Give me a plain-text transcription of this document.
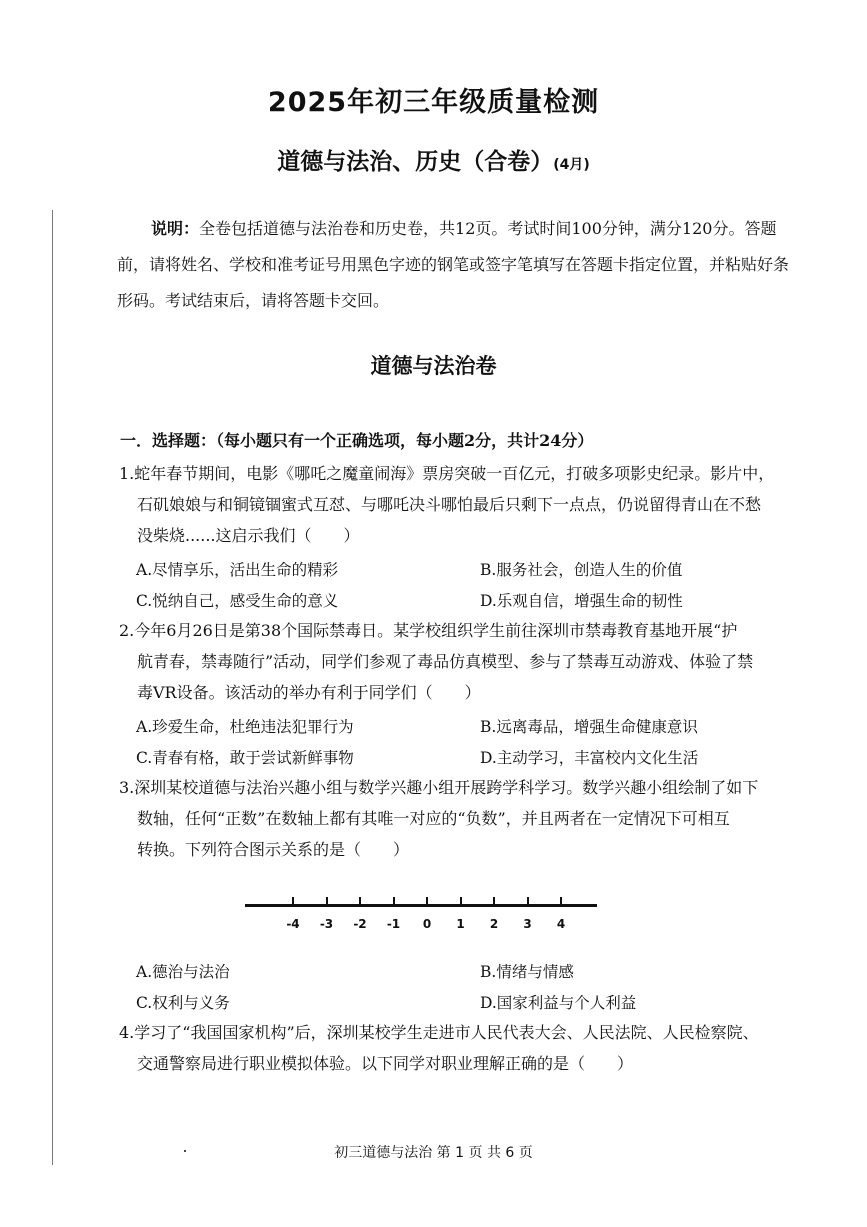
2025年初三年级质量检测
道德与法治、历史（合卷）(4月)
说明：全卷包括道德与法治卷和历史卷，共12页。考试时间100分钟，满分120分。答题前，请将姓名、学校和准考证号用黑色字迹的钢笔或签字笔填写在答题卡指定位置，并粘贴好条形码。考试结束后，请将答题卡交回。
道德与法治卷
一．选择题：（每小题只有一个正确选项，每小题2分，共计24分）
1.蛇年春节期间，电影《哪吒之魔童闹海》票房突破一百亿元，打破多项影史纪录。影片中，
石矶娘娘与和铜镜锢蜜式互怼、与哪吒决斗哪怕最后只剩下一点点，仍说留得青山在不愁
没柴烧......这启示我们（　　）
A.尽情享乐，活出生命的精彩	B.服务社会，创造人生的价值
C.悦纳自己，感受生命的意义	D.乐观自信，增强生命的韧性
2.今年6月26日是第38个国际禁毒日。某学校组织学生前往深圳市禁毒教育基地开展“护
航青春，禁毒随行”活动，同学们参观了毒品仿真模型、参与了禁毒互动游戏、体验了禁
毒VR设备。该活动的举办有利于同学们（　　）
A.珍爱生命，杜绝违法犯罪行为	B.远离毒品，增强生命健康意识
C.青春有格，敢于尝试新鲜事物	D.主动学习，丰富校内文化生活
3.深圳某校道德与法治兴趣小组与数学兴趣小组开展跨学科学习。数学兴趣小组绘制了如下
数轴，任何“正数”在数轴上都有其唯一对应的“负数”，并且两者在一定情况下可相互
转换。下列符合图示关系的是（　　）
-4 -3 -2 -1 0 1 2 3 4
A.德治与法治	B.情绪与情感
C.权利与义务	D.国家利益与个人利益
4.学习了“我国国家机构”后，深圳某校学生走进市人民代表大会、人民法院、人民检察院、
交通警察局进行职业模拟体验。以下同学对职业理解正确的是（　　）
初三道德与法治 第 1 页 共 6 页
